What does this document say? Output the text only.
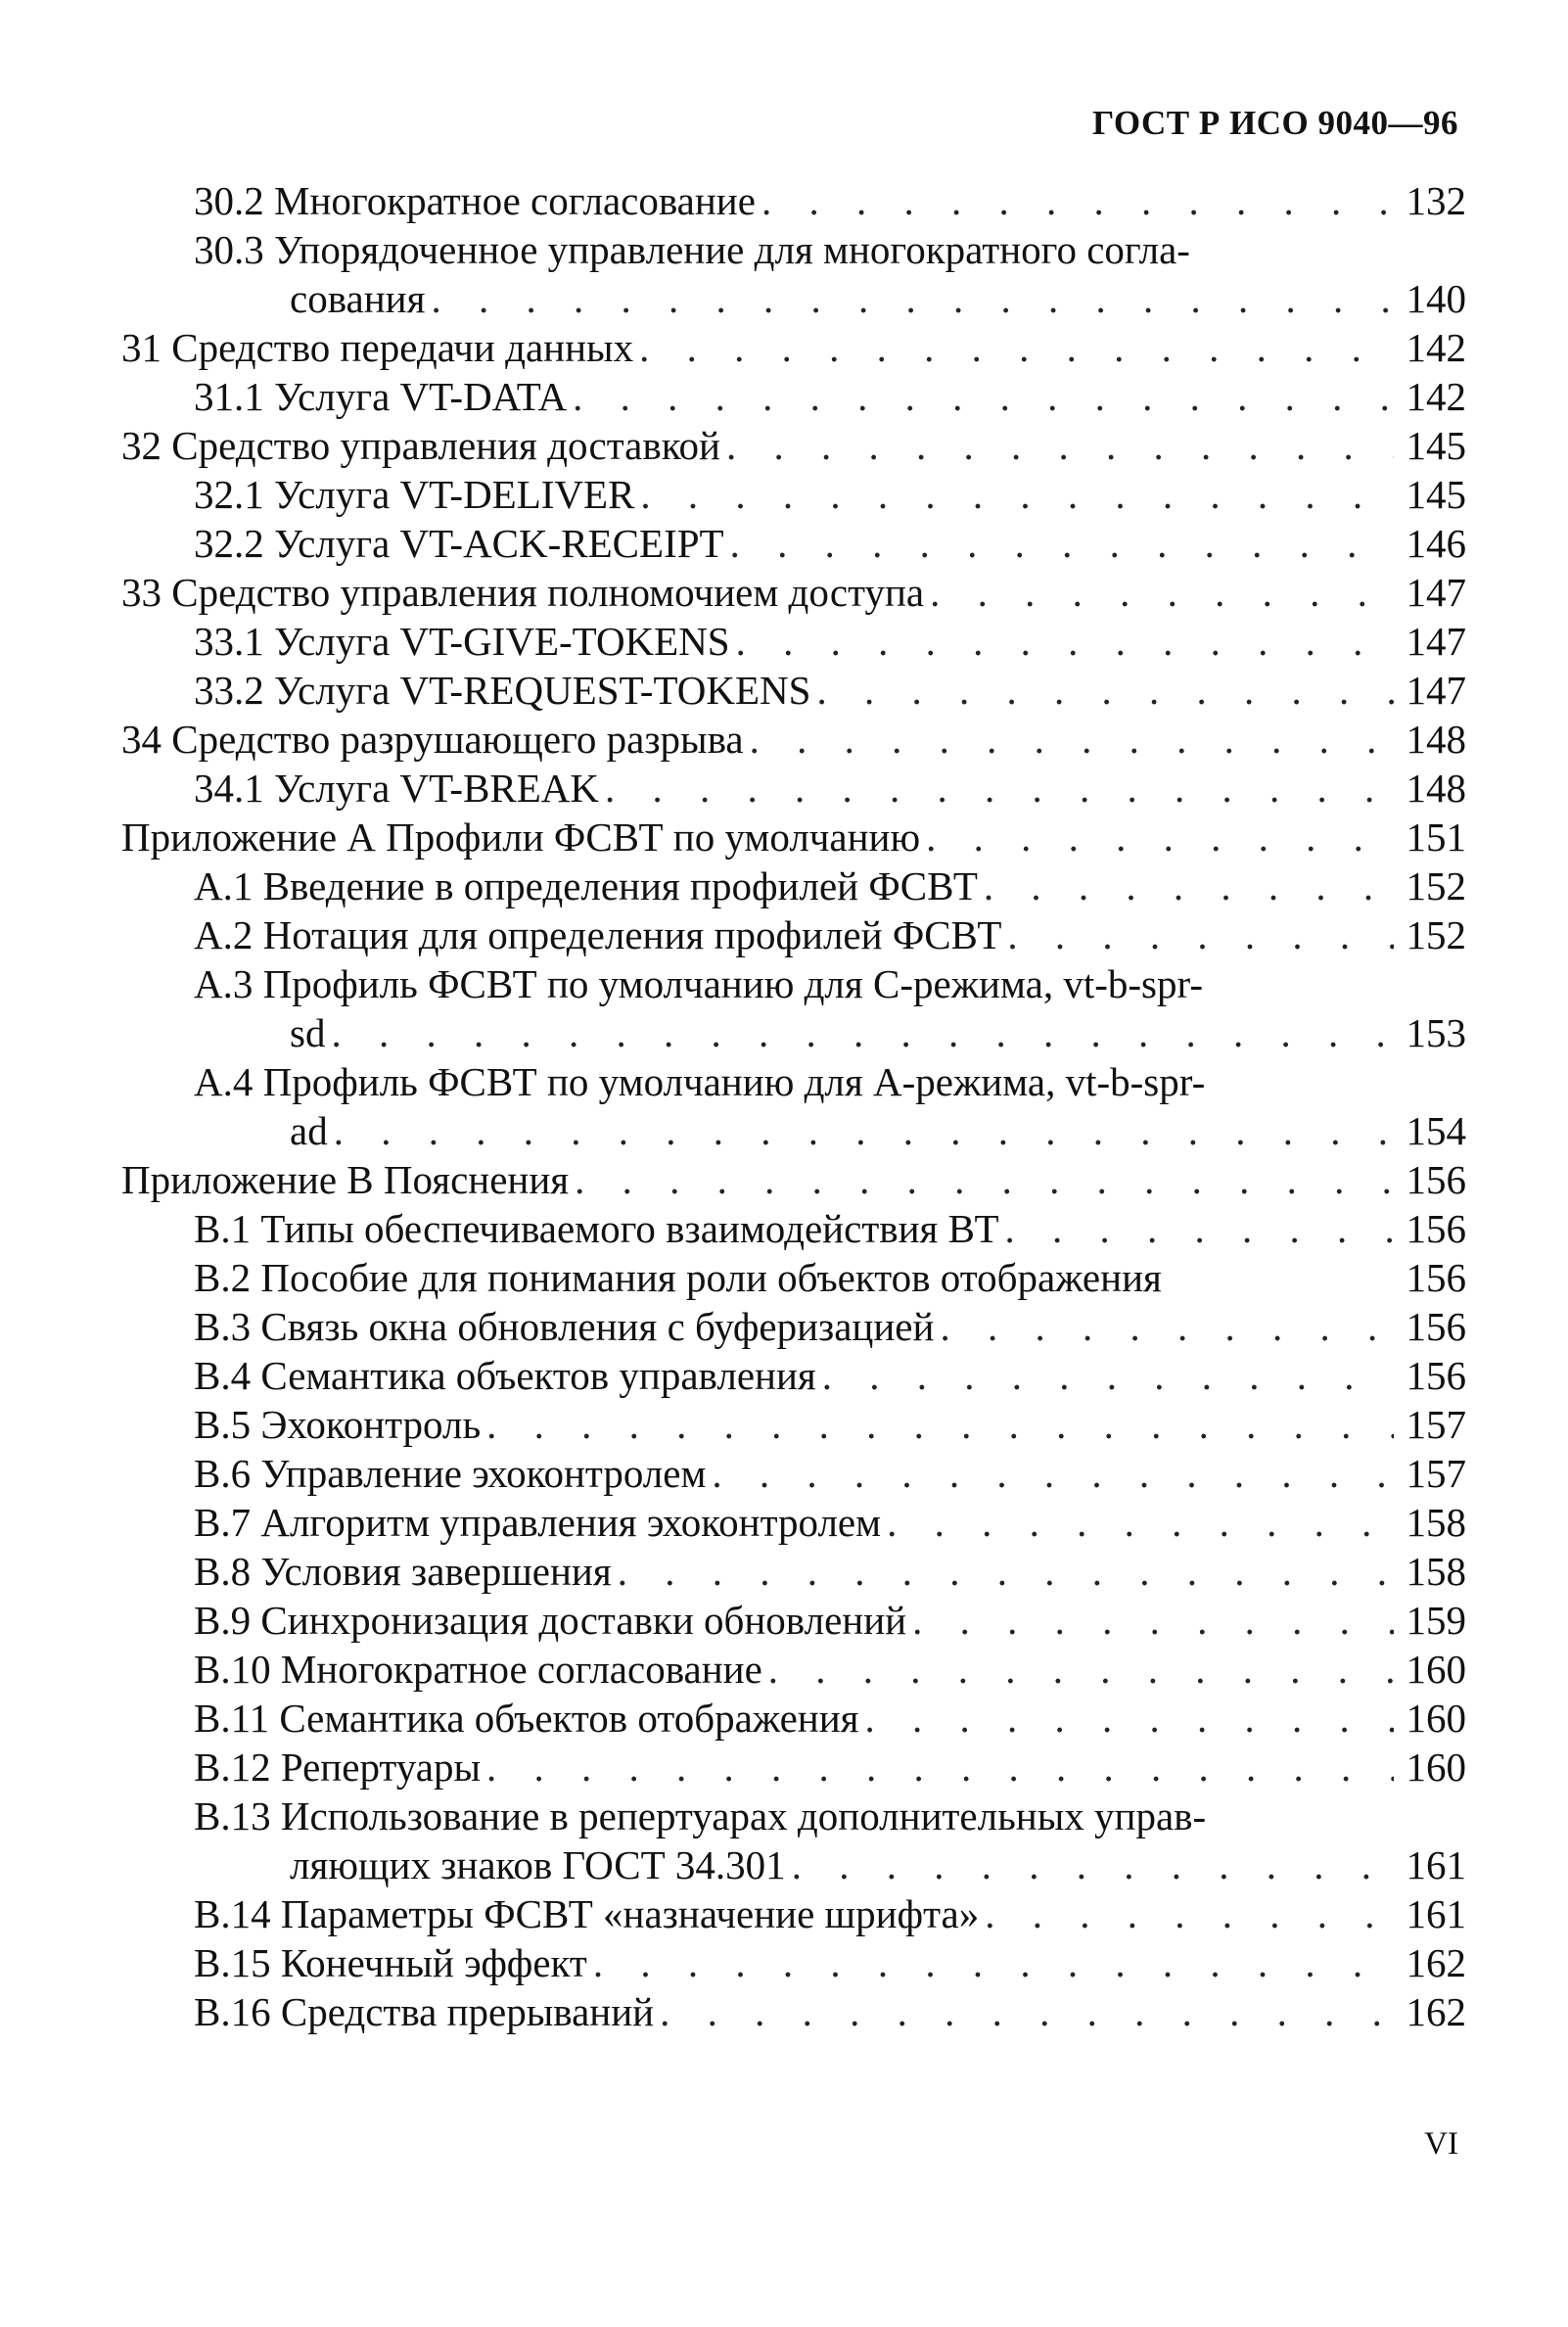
ГОСТ Р ИСО 9040—96
30.2 Многократное согласование . . .	132
30.3 Упорядоченное управление для многократного согла-
сования . . .	140
31 Средство передачи данных . . .	142
31.1 Услуга VT-DATA . . .	142
32 Средство управления доставкой . . .	145
32.1 Услуга VT-DELIVER . . .	145
32.2 Услуга VT-ACK-RECEIPT . . .	146
33 Средство управления полномочием доступа . . .	147
33.1 Услуга VT-GIVE-TOKENS . . .	147
33.2 Услуга VT-REQUEST-TOKENS . . .	147
34 Средство разрушающего разрыва . . .	148
34.1 Услуга VT-BREAK . . .	148
Приложение А Профили ФСВТ по умолчанию . . .	151
А.1 Введение в определения профилей ФСВТ . . .	152
А.2 Нотация для определения профилей ФСВТ . . .	152
А.3 Профиль ФСВТ по умолчанию для С-режима, vt-b-spr-
sd . . .	153
А.4 Профиль ФСВТ по умолчанию для А-режима, vt-b-spr-
ad . . .	154
Приложение В Пояснения . . .	156
В.1 Типы обеспечиваемого взаимодействия ВТ . . .	156
В.2 Пособие для понимания роли объектов отображения	156
В.3 Связь окна обновления с буферизацией . . .	156
В.4 Семантика объектов управления . . .	156
В.5 Эхоконтроль . . .	157
В.6 Управление эхоконтролем . . .	157
В.7 Алгоритм управления эхоконтролем . . .	158
В.8 Условия завершения . . .	158
В.9 Синхронизация доставки обновлений . . .	159
В.10 Многократное согласование . . .	160
В.11 Семантика объектов отображения . . .	160
В.12 Репертуары . . .	160
В.13 Использование в репертуарах дополнительных управ-
ляющих знаков ГОСТ 34.301 . . .	161
В.14 Параметры ФСВТ «назначение шрифта» . . .	161
В.15 Конечный эффект . . .	162
В.16 Средства прерываний . . .	162
VI
